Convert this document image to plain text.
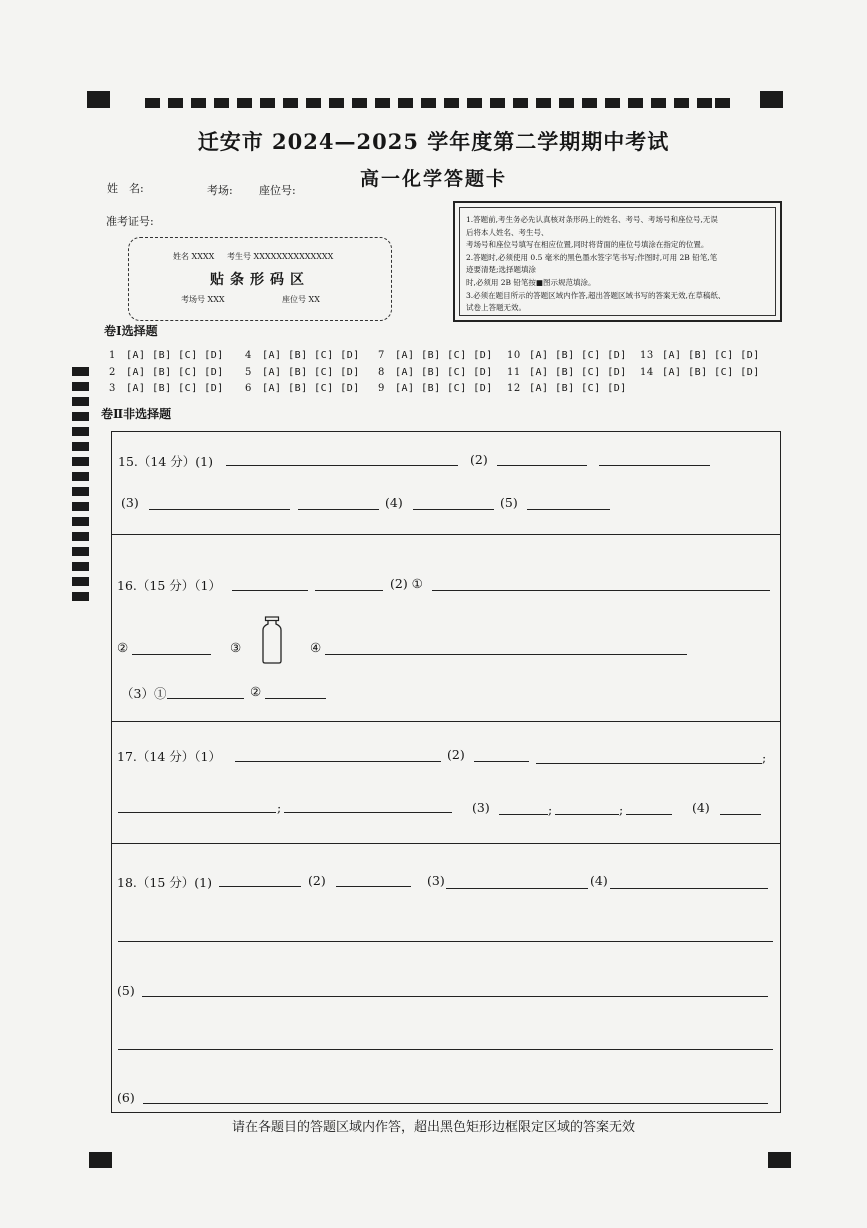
迁安市 2024—2025 学年度第二学期期中考试
高一化学答题卡
姓　名:	考场: 座位号:
准考证号:
姓名 XXXX 考生号 XXXXXXXXXXXXXX
贴条形码区
考场号 XXX	座位号 XX
1.答题前,考生务必先认真核对条形码上的姓名、考号、考场号和座位号,无误
后将本人姓名、考生号、
考场号和座位号填写在相应位置,同时将背面的座位号填涂在指定的位置。
2.答题时,必须使用 0.5 毫米的黑色墨水签字笔书写;作图时,可用 2B 铅笔,笔
迹要清楚;选择题填涂
时,必须用 2B 铅笔按■图示规范填涂。
3.必须在题目所示的答题区域内作答,超出答题区域书写的答案无效,在草稿纸、
试卷上答题无效。
卷Ⅰ选择题
1 [A] [B] [C] [D]
2 [A] [B] [C] [D]
3 [A] [B] [C] [D]
4 [A] [B] [C] [D]
5 [A] [B] [C] [D]
6 [A] [B] [C] [D]
7 [A] [B] [C] [D]
8 [A] [B] [C] [D]
9 [A] [B] [C] [D]
10 [A] [B] [C] [D]
11 [A] [B] [C] [D]
12 [A] [B] [C] [D]
13 [A] [B] [C] [D]
14 [A] [B] [C] [D]
卷Ⅱ非选择题
15.（14 分）(1)	(2)
(3)	(4)	(5)
16.（15 分）（1）	(2) ①
②	③	④
（3）①	②
17.（14 分）（1）	(2)	;
;	(3)	;	;	(4)
18.（15 分）(1)	(2)	(3)	(4)
(5)
(6)
请在各题目的答题区域内作答，超出黑色矩形边框限定区域的答案无效
